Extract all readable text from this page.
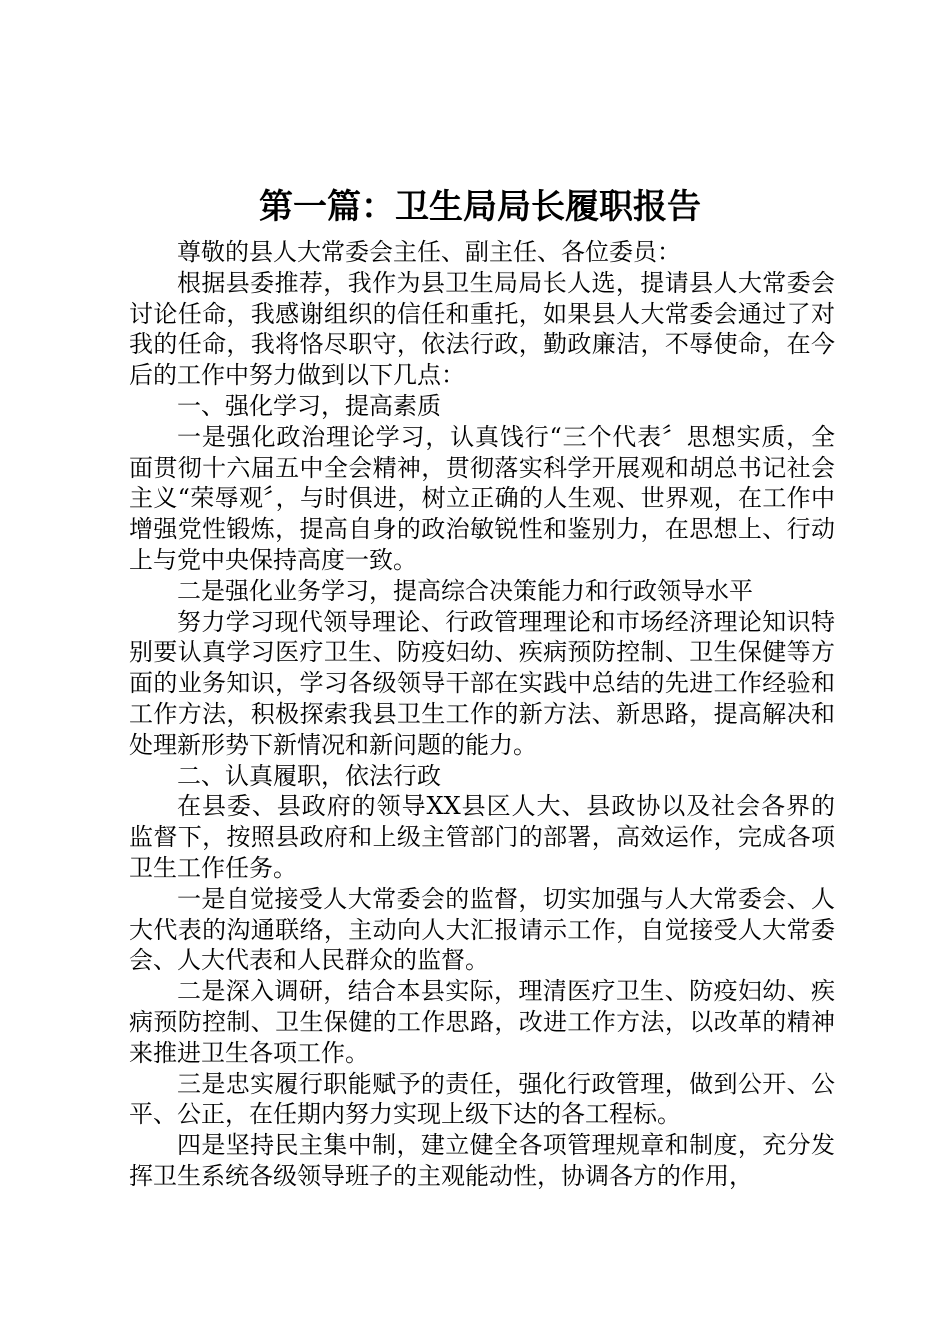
第一篇：卫生局局长履职报告

尊敬的县人大常委会主任、副主任、各位委员：

根据县委推荐，我作为县卫生局局长人选，提请县人大常委会讨论任命，我感谢组织的信任和重托，如果县人大常委会通过了对我的任命，我将恪尽职守，依法行政，勤政廉洁，不辱使命，在今后的工作中努力做到以下几点：

一、强化学习，提高素质

一是强化政治理论学习，认真饯行“三个代表〞思想实质，全面贯彻十六届五中全会精神，贯彻落实科学开展观和胡总书记社会主义“荣辱观〞，与时俱进，树立正确的人生观、世界观，在工作中增强党性锻炼，提高自身的政治敏锐性和鉴别力，在思想上、行动上与党中央保持高度一致。

二是强化业务学习，提高综合决策能力和行政领导水平

努力学习现代领导理论、行政管理理论和市场经济理论知识特别要认真学习医疗卫生、防疫妇幼、疾病预防控制、卫生保健等方面的业务知识，学习各级领导干部在实践中总结的先进工作经验和工作方法，积极探索我县卫生工作的新方法、新思路，提高解决和处理新形势下新情况和新问题的能力。

二、认真履职，依法行政

在县委、县政府的领导XX县区人大、县政协以及社会各界的监督下，按照县政府和上级主管部门的部署，高效运作，完成各项卫生工作任务。

一是自觉接受人大常委会的监督，切实加强与人大常委会、人大代表的沟通联络，主动向人大汇报请示工作，自觉接受人大常委会、人大代表和人民群众的监督。

二是深入调研，结合本县实际，理清医疗卫生、防疫妇幼、疾病预防控制、卫生保健的工作思路，改进工作方法，以改革的精神来推进卫生各项工作。

三是忠实履行职能赋予的责任，强化行政管理，做到公开、公平、公正，在任期内努力实现上级下达的各工程标。

四是坚持民主集中制，建立健全各项管理规章和制度，充分发挥卫生系统各级领导班子的主观能动性，协调各方的作用，
